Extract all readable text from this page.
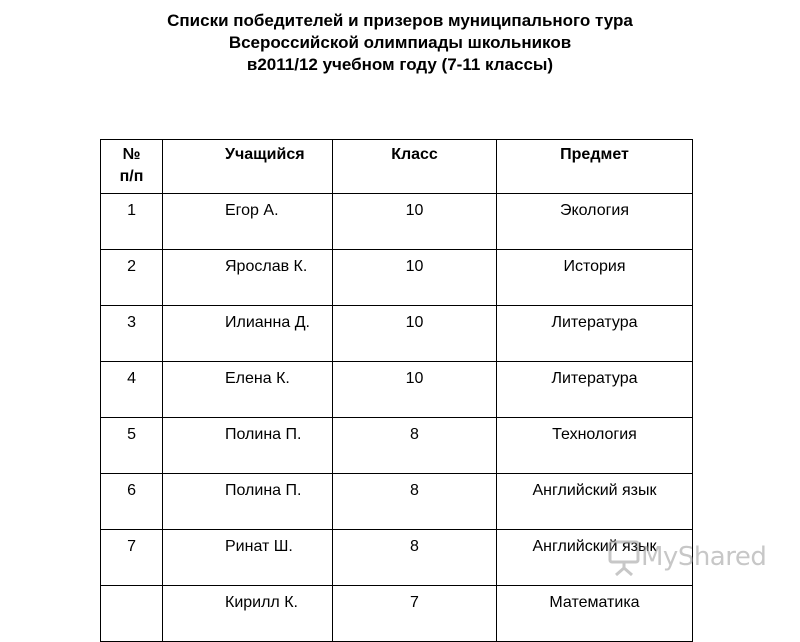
Списки победителей и призеров муниципального тура
Всероссийской олимпиады школьников
в2011/12 учебном году (7-11 классы)
№
п/п	Учащийся	Класс	Предмет
1	Егор А.	10	Экология
2	Ярослав К.	10	История
3	Илианна Д.	10	Литература
4	Елена К.	10	Литература
5	Полина П.	8	Технология
6	Полина П.	8	Английский язык
7	Ринат Ш.	8	Английский язык
	Кирилл К.	7	Математика
MyShared
